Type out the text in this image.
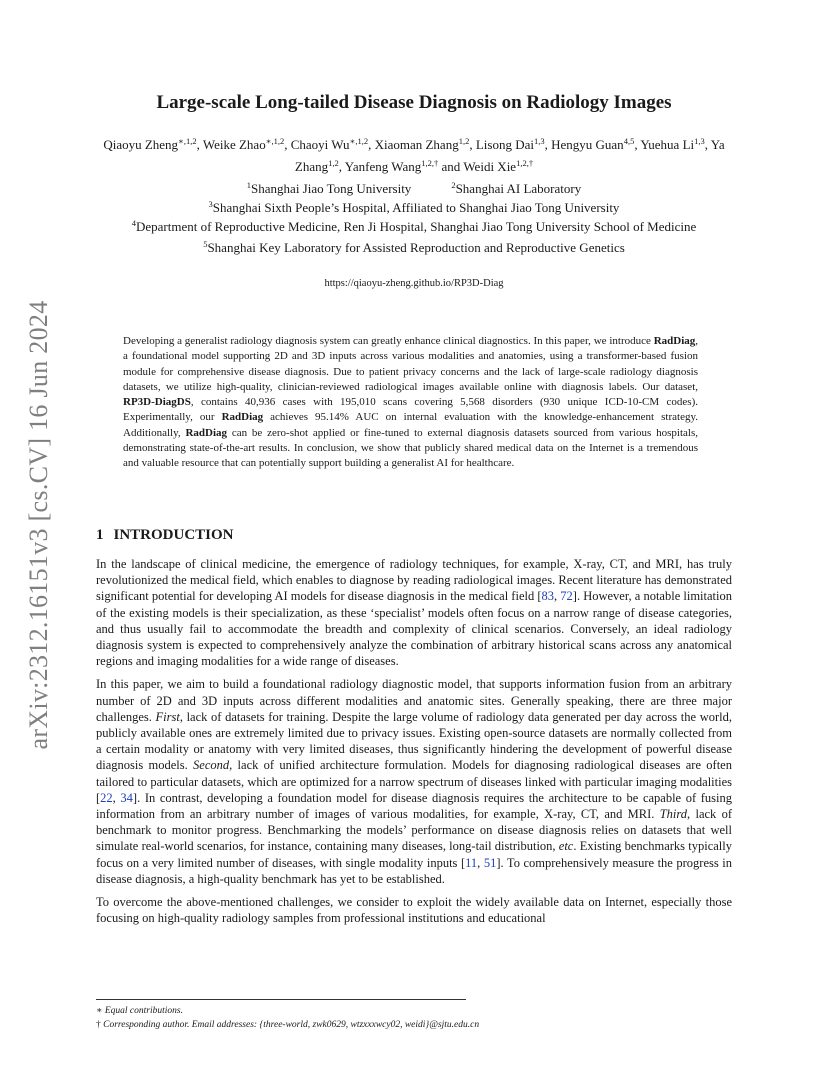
arXiv:2312.16151v3 [cs.CV] 16 Jun 2024
Large-scale Long-tailed Disease Diagnosis on Radiology Images
Qiaoyu Zheng$^{∗,1,2}$, Weike Zhao$^{∗,1,2}$, Chaoyi $Wu^{∗,1,2}$, Xiaoman Zhang$^{1,2}$, Lisong Dai$^{1,3}$, Hengyu Guan$^{4,5}$, Yuehua Li$^{1,3}$, Ya Zhang$^{1,2}$, Yanfeng Wang$^{1,2,\dagger}$ and Weidi Xie$^{1,2,\dagger}$
$^1$Shanghai Jiao Tong University	$^2$Shanghai AI Laboratory
$^3$Shanghai Sixth People’s Hospital, Affiliated to Shanghai Jiao Tong University
$^4$Department of Reproductive Medicine, Ren Ji Hospital, Shanghai Jiao Tong University School of Medicine
$^5$Shanghai Key Laboratory for Assisted Reproduction and Reproductive Genetics
https://qiaoyu-zheng.github.io/RP3D-Diag

Developing a generalist radiology diagnosis system can greatly enhance clinical diagnostics. In this paper, we introduce RadDiag, a foundational model supporting 2D and 3D inputs across various modalities and anatomies, using a transformer-based fusion module for comprehensive disease diagnosis. Due to patient privacy concerns and the lack of large-scale radiology diagnosis datasets, we utilize high-quality, clinician-reviewed radiological images available online with diagnosis labels. Our dataset, RP3D-DiagDS, contains 40,936 cases with 195,010 scans covering 5,568 disorders (930 unique ICD-10-CM codes). Experimentally, our RadDiag achieves 95.14% AUC on internal evaluation with the knowledge-enhancement strategy. Additionally, RadDiag can be zero-shot applied or fine-tuned to external diagnosis datasets sourced from various hospitals, demonstrating state-of-the-art results. In conclusion, we show that publicly shared medical data on the Internet is a tremendous and valuable resource that can potentially support building a generalist AI for healthcare.

1 INTRODUCTION

In the landscape of clinical medicine, the emergence of radiology techniques, for example, X-ray, CT, and MRI, has truly revolutionized the medical field, which enables to diagnose by reading radiological images. Recent literature has demonstrated significant potential for developing AI models for disease diagnosis in the medical field [83, 72]. However, a notable limitation of the existing models is their specialization, as these ‘specialist’ models often focus on a narrow range of disease categories, and thus usually fail to accommodate the breadth and complexity of clinical scenarios. Conversely, an ideal radiology diagnosis system is expected to comprehensively analyze the combination of arbitrary historical scans across any anatomical regions and imaging modalities for a wide range of diseases.

In this paper, we aim to build a foundational radiology diagnostic model, that supports information fusion from an arbitrary number of 2D and 3D inputs across different modalities and anatomic sites. Generally speaking, there are three major challenges. First, lack of datasets for training. Despite the large volume of radiology data generated per day across the world, publicly available ones are extremely limited due to privacy issues. Existing open-source datasets are normally collected from a certain modality or anatomy with very limited diseases, thus significantly hindering the development of powerful disease diagnosis models. Second, lack of unified architecture formulation. Models for diagnosing radiological diseases are often tailored to particular datasets, which are optimized for a narrow spectrum of diseases linked with particular imaging modalities [22, 34]. In contrast, developing a foundation model for disease diagnosis requires the architecture to be capable of fusing information from an arbitrary number of images of various modalities, for example, X-ray, CT, and MRI. Third, lack of benchmark to monitor progress. Benchmarking the models’ performance on disease diagnosis relies on datasets that well simulate real-world scenarios, for instance, containing many diseases, long-tail distribution, etc. Existing benchmarks typically focus on a very limited number of diseases, with single modality inputs [11, 51]. To comprehensively measure the progress in disease diagnosis, a high-quality benchmark has yet to be established.

To overcome the above-mentioned challenges, we consider to exploit the widely available data on Internet, especially those focusing on high-quality radiology samples from professional institutions and educational

∗ Equal contributions.
† Corresponding author. Email addresses: {three-world, zwk0629, wtzxxxwcy02, weidi}@sjtu.edu.cn
